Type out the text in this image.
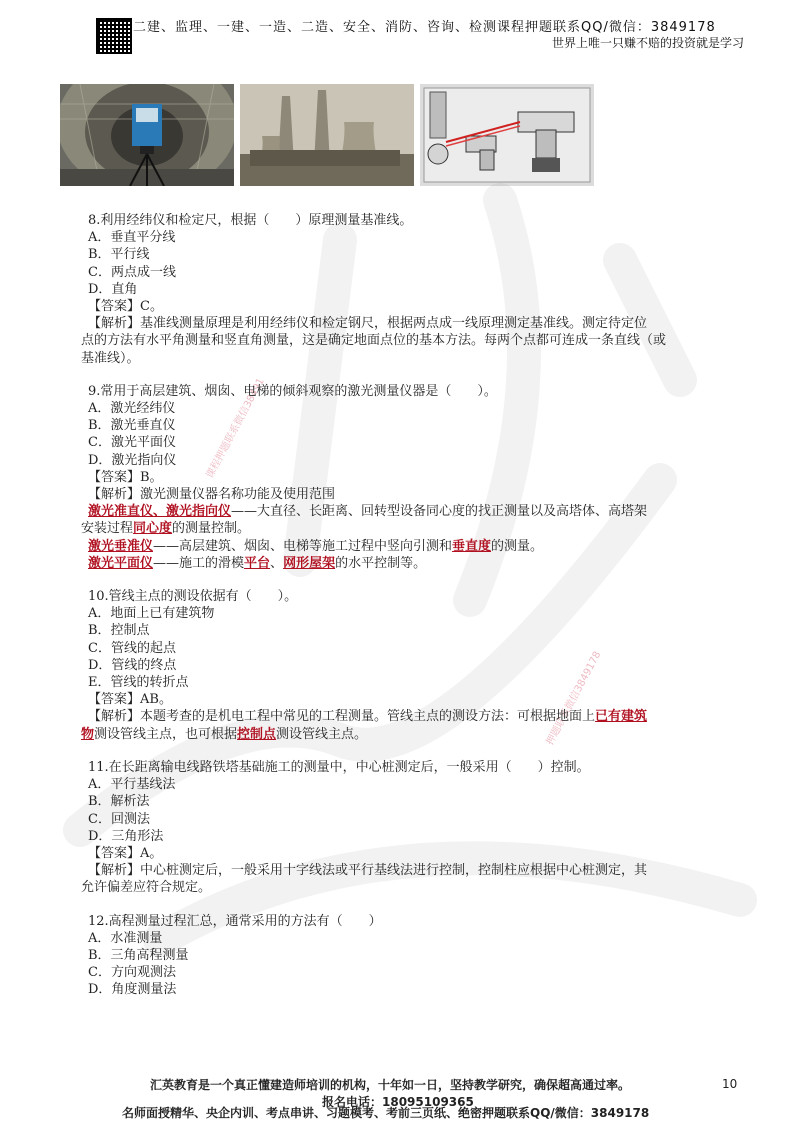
二建、监理、一建、一造、二造、安全、消防、咨询、检测课程押题联系QQ/微信：3849178
世界上唯一只赚不赔的投资就是学习
课程押题联系微信38491
押题联系微信3849178
8.利用经纬仪和检定尺，根据（　　）原理测量基准线。
A．垂直平分线
B．平行线
C．两点成一线
D．直角
【答案】C。
【解析】基准线测量原理是利用经纬仪和检定钢尺，根据两点成一线原理测定基准线。测定待定位
点的方法有水平角测量和竖直角测量，这是确定地面点位的基本方法。每两个点都可连成一条直线（或
基准线）。
9.常用于高层建筑、烟囱、电梯的倾斜观察的激光测量仪器是（　　）。
A．激光经纬仪
B．激光垂直仪
C．激光平面仪
D．激光指向仪
【答案】B。
【解析】激光测量仪器名称功能及使用范围
激光准直仪、激光指向仪——大直径、长距离、回转型设备同心度的找正测量以及高塔体、高塔架
安装过程同心度的测量控制。
激光垂准仪——高层建筑、烟囱、电梯等施工过程中竖向引测和垂直度的测量。
激光平面仪——施工的滑模平台、网形屋架的水平控制等。
10.管线主点的测设依据有（　　）。
A．地面上已有建筑物
B．控制点
C．管线的起点
D．管线的终点
E．管线的转折点
【答案】AB。
【解析】本题考查的是机电工程中常见的工程测量。管线主点的测设方法：可根据地面上已有建筑
物测设管线主点，也可根据控制点测设管线主点。
11.在长距离输电线路铁塔基础施工的测量中，中心桩测定后，一般采用（　　）控制。
A．平行基线法
B．解析法
C．回测法
D．三角形法
【答案】A。
【解析】中心桩测定后，一般采用十字线法或平行基线法进行控制，控制柱应根据中心桩测定，其
允许偏差应符合规定。
12.高程测量过程汇总，通常采用的方法有（　　）
A．水准测量
B．三角高程测量
C．方向观测法
D．角度测量法
汇英教育是一个真正懂建造师培训的机构，十年如一日，坚持教学研究，确保超高通过率。	10
报名电话：18095109365
名师面授精华、央企内训、考点串讲、习题模考、考前三页纸、绝密押题联系QQ/微信：3849178
